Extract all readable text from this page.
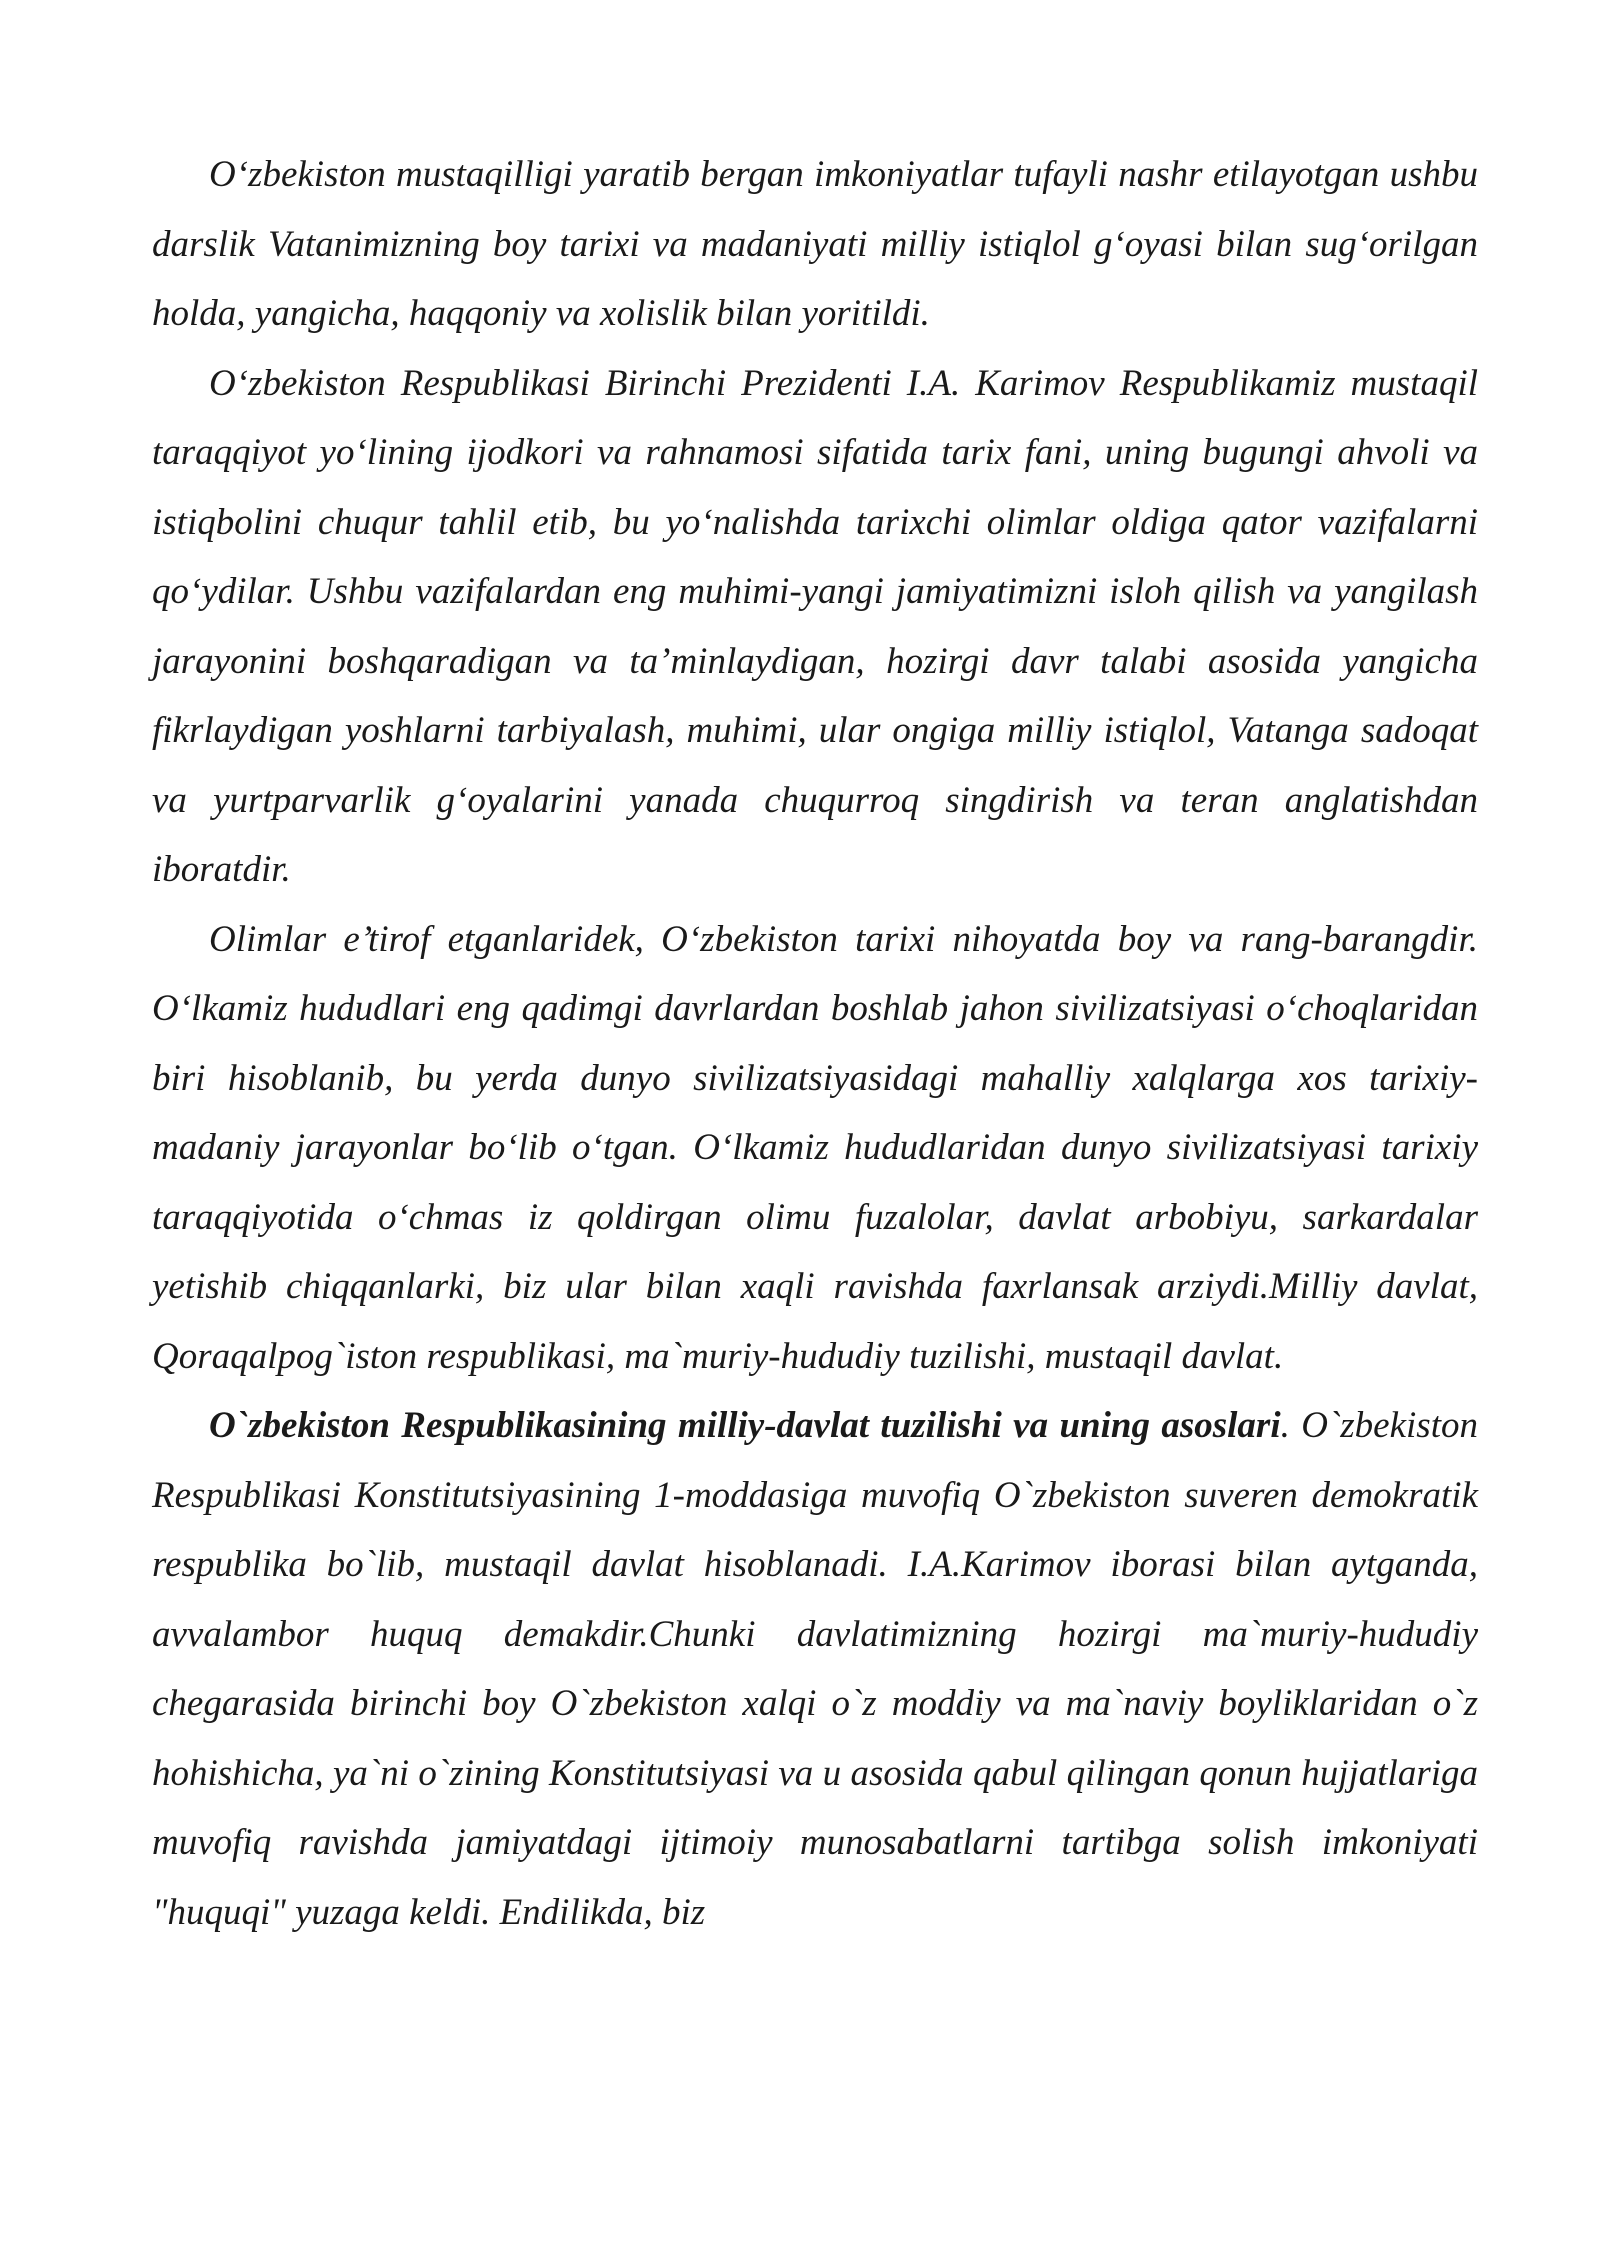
O‘zbekiston mustaqilligi yaratib bergan imkoniyatlar tufayli nashr etilayotgan ushbu darslik Vatanimizning boy tarixi va madaniyati milliy istiqlol g‘oyasi bilan sug‘orilgan holda, yangicha, haqqoniy va xolislik bilan yoritildi.

O‘zbekiston Respublikasi Birinchi Prezidenti I.A. Karimov Respublikamiz mustaqil taraqqiyot yo‘lining ijodkori va rahnamosi sifatida tarix fani, uning bugungi ahvoli va istiqbolini chuqur tahlil etib, bu yo‘nalishda tarixchi olimlar oldiga qator vazifalarni qo‘ydilar. Ushbu vazifalardan eng muhimi-yangi jamiyatimizni isloh qilish va yangilash jarayonini boshqaradigan va ta’minlaydigan, hozirgi davr talabi asosida yangicha fikrlaydigan yoshlarni tarbiyalash, muhimi, ular ongiga milliy istiqlol, Vatanga sadoqat va yurtparvarlik g‘oyalarini yanada chuqurroq singdirish va teran anglatishdan iboratdir.

Olimlar e’tirof etganlaridek, O‘zbekiston tarixi nihoyatda boy va rang-barangdir. O‘lkamiz hududlari eng qadimgi davrlardan boshlab jahon sivilizatsiyasi o‘choqlaridan biri hisoblanib, bu yerda dunyo sivilizatsiyasidagi mahalliy xalqlarga xos tarixiy-madaniy jarayonlar bo‘lib o‘tgan. O‘lkamiz hududlaridan dunyo sivilizatsiyasi tarixiy taraqqiyotida o‘chmas iz qoldirgan olimu fuzalolar, davlat arbobiyu, sarkardalar yetishib chiqqanlarki, biz ular bilan xaqli ravishda faxrlansak arziydi.Milliy davlat, Qoraqalpog`iston respublikasi, ma`muriy-hududiy tuzilishi, mustaqil davlat.

O`zbekiston Respublikasining milliy-davlat tuzilishi va uning asoslari. O`zbekiston Respublikasi Konstitutsiyasining 1-moddasiga muvofiq O`zbekiston suveren demokratik respublika bo`lib, mustaqil davlat hisoblanadi. I.A.Karimov iborasi bilan aytganda, avvalambor huquq demakdir.Chunki davlatimizning hozirgi ma`muriy-hududiy chegarasida birinchi boy O`zbekiston xalqi o`z moddiy va ma`naviy boyliklaridan o`z hohishicha, ya`ni o`zining Konstitutsiyasi va u asosida qabul qilingan qonun hujjatlariga muvofiq ravishda jamiyatdagi ijtimoiy munosabatlarni tartibga solish imkoniyati "huquqi" yuzaga keldi. Endilikda, biz
